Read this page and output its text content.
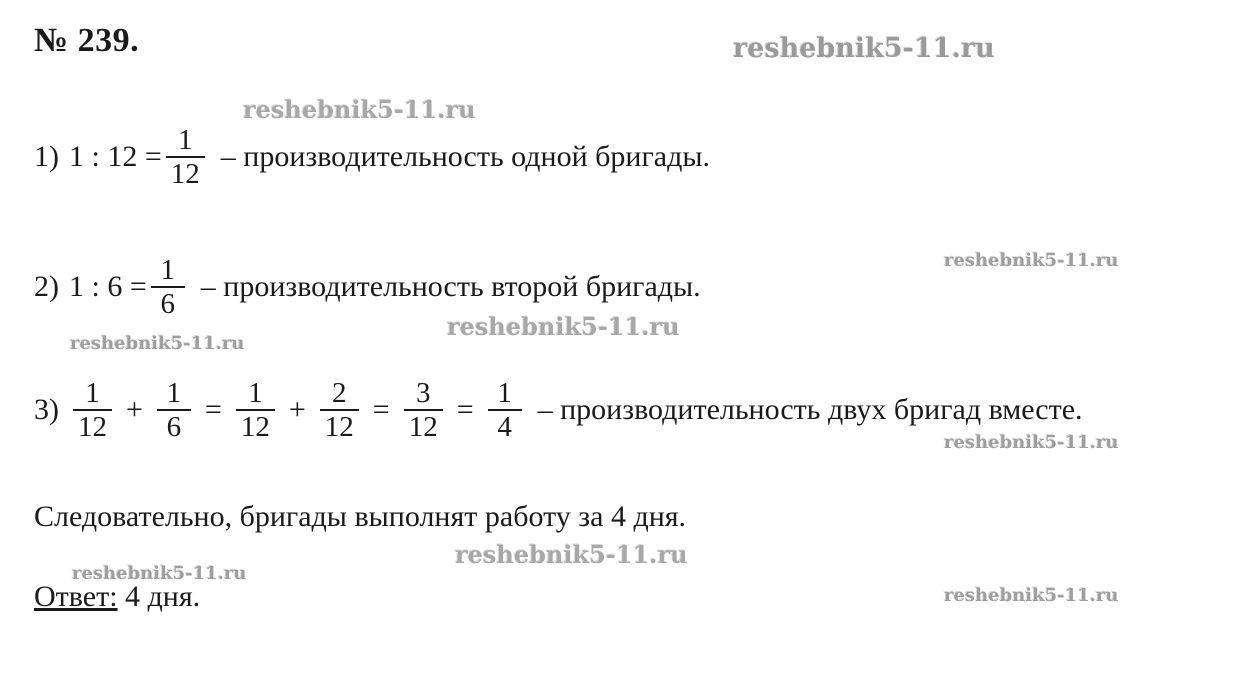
№ 239.
1) 1 : $12 = \frac{1}{12}$ – производительность одной бригады.
2) 1 : $6 = \frac{1}{6}$ – производительность второй бригады.
$3) \frac{1}{12} + \frac{1}{6} = \frac{1}{12} + \frac{2}{12} = \frac{3}{12} = \frac{1}{4}$ – производительность двух бригад вместе.
Следовательно, бригады выполнят работу за 4 дня.
Ответ: 4 дня.
reshebnik5-11.ru
reshebnik5-11.ru
reshebnik5-11.ru
reshebnik5-11.ru
reshebnik5-11.ru
reshebnik5-11.ru
reshebnik5-11.ru
reshebnik5-11.ru
reshebnik5-11.ru
